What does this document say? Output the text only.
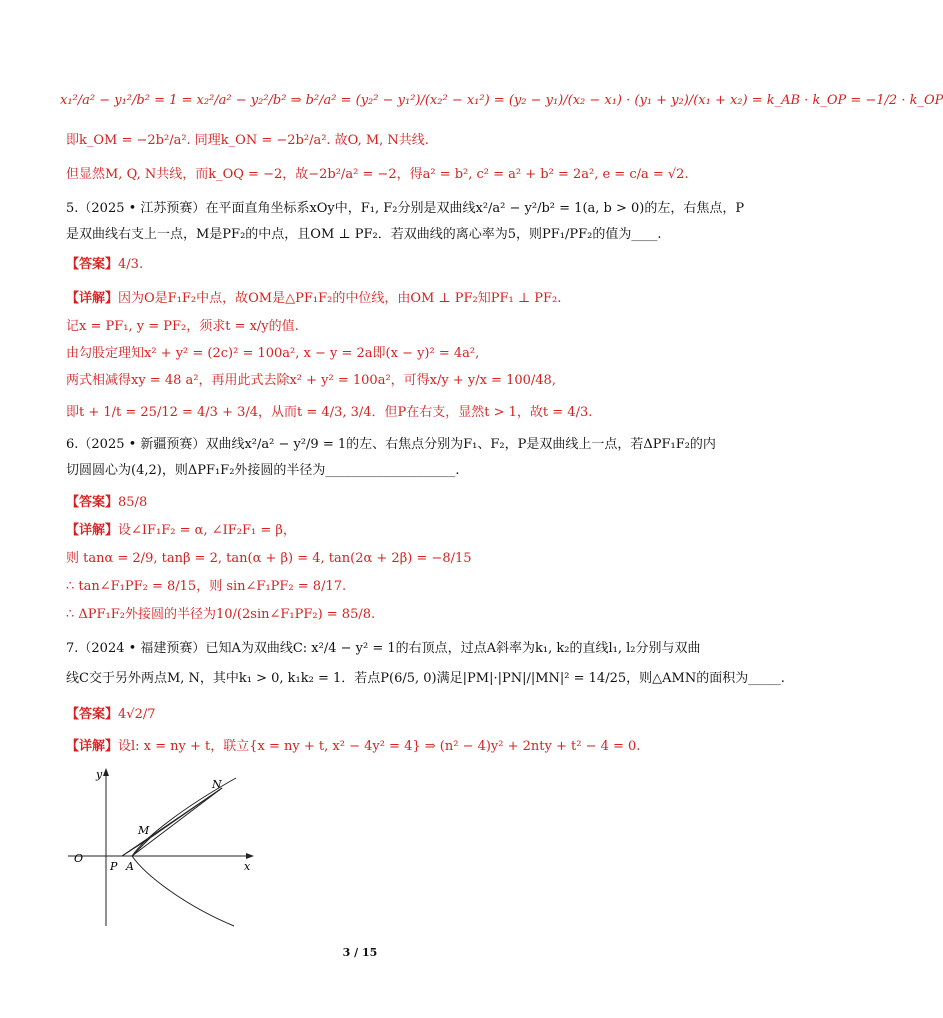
x₁²/a² − y₁²/b² = 1 = x₂²/a² − y₂²/b² ⇒ b²/a² = (y₂² − y₁²)/(x₂² − x₁²) = (y₂ − y₁)/(x₂ − x₁) · (y₁ + y₂)/(x₁ + x₂) = k_AB · k_OP = −1/2 · k_OP
即k_OM = −2b²/a². 同理k_ON = −2b²/a². 故O, M, N共线.
但显然M, Q, N共线，而k_OQ = −2，故−2b²/a² = −2，得a² = b², c² = a² + b² = 2a², e = c/a = √2.
5.（2025 • 江苏预赛）在平面直角坐标系xOy中，F₁, F₂分别是双曲线x²/a² − y²/b² = 1(a, b > 0)的左，右焦点，P
是双曲线右支上一点，M是PF₂的中点，且OM ⊥ PF₂．若双曲线的离心率为5，则PF₁/PF₂的值为____.
【答案】4/3.
【详解】因为O是F₁F₂中点，故OM是△PF₁F₂的中位线，由OM ⊥ PF₂知PF₁ ⊥ PF₂.
记x = PF₁, y = PF₂，须求t = x/y的值.
由勾股定理知x² + y² = (2c)² = 100a², x − y = 2a即(x − y)² = 4a²,
两式相减得xy = 48 a²，再用此式去除x² + y² = 100a²，可得x/y + y/x = 100/48,
即t + 1/t = 25/12 = 4/3 + 3/4，从而t = 4/3, 3/4．但P在右支，显然t > 1，故t = 4/3.
6.（2025 • 新疆预赛）双曲线x²/a² − y²/9 = 1的左、右焦点分别为F₁、F₂，P是双曲线上一点，若ΔPF₁F₂的内
切圆圆心为(4,2)，则ΔPF₁F₂外接圆的半径为____________________.
【答案】85/8
【详解】设∠IF₁F₂ = α, ∠IF₂F₁ = β，
则 tanα = 2/9, tanβ = 2, tan(α + β) = 4, tan(2α + 2β) = −8/15
∴ tan∠F₁PF₂ = 8/15，则 sin∠F₁PF₂ = 8/17.
∴ ΔPF₁F₂外接圆的半径为10/(2sin∠F₁PF₂) = 85/8.
7.（2024 • 福建预赛）已知A为双曲线C: x²/4 − y² = 1的右顶点，过点A斜率为k₁, k₂的直线l₁, l₂分别与双曲
线C交于另外两点M, N，其中k₁ > 0, k₁k₂ = 1．若点P(6/5, 0)满足|PM|·|PN|/|MN|² = 14/25，则△AMN的面积为_____.
【答案】4√2/7
【详解】设l: x = ny + t，联立{x = ny + t, x² − 4y² = 4} ⇒ (n² − 4)y² + 2nty + t² − 4 = 0.
y
x
O
P A
M
N
3 / 15
